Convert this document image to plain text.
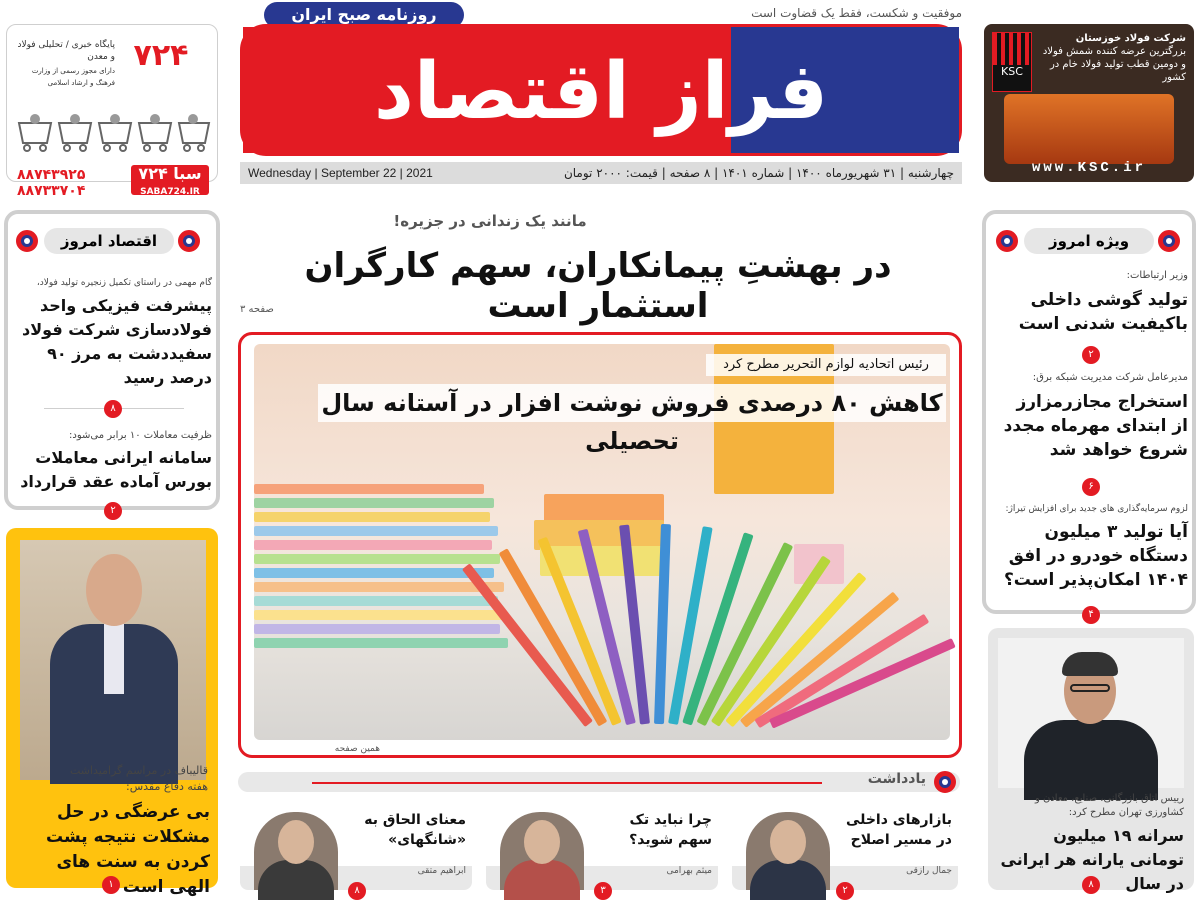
۷۲۴
پایگاه خبری / تحلیلی فولاد و معدن
دارای مجوز رسمی از وزارت فرهنگ و ارشاد اسلامی
۸۸۷۴۳۹۲۵
۸۸۷۳۳۷۰۴
سبا ۷۲۴
SABA724.IR
روزنامه صبح ایران	موفقیت و شکست، فقط یک قضاوت است
فراز اقتصاد
Wednesday | September 22 | 2021	چهارشنبه | ۳۱ شهریورماه ۱۴۰۰ | شماره ۱۴۰۱ | ۸ صفحه | قیمت: ۲۰۰۰ تومان
KSC
شرکت فولاد خوزستان
بزرگترین عرضه کننده شمش فولاد و دومین قطب تولید فولاد خام در کشور
www.KSC.ir
اقتصاد امروز
گام مهمی در راستای تکمیل زنجیره تولید فولاد،
پیشرفت فیزیکی واحد فولادسازی شرکت فولاد سفیددشت به مرز ۹۰ درصد رسید
۸
ظرفیت معاملات ۱۰ برابر می‌شود:
سامانه ایرانی معاملات بورس آماده عقد قرارداد
۲
قالیباف در مراسم گرامیداشت
هفته دفاع مقدس:
بی عرضگی در حل مشکلات نتیجه پشت کردن به سنت های الهی است
۱
مانند یک زندانی در جزیره!
در بهشتِ پیمانکاران، سهم کارگران استثمار است
صفحه ۳
رئیس اتحادیه لوازم التحریر مطرح کرد
کاهش ۸۰ درصدی فروش نوشت افزار در آستانه سال تحصیلی
همین صفحه
یادداشت
بازارهای داخلی در مسیر اصلاح
جمال رازقی
۲
چرا نباید تک سهم شوید؟
میثم بهرامی
۳
معنای الحاق به «شانگهای»
ابراهیم متقی
۸
ویژه امروز
وزیر ارتباطات:
تولید گوشی داخلی باکیفیت شدنی است
۲
مدیرعامل شرکت مدیریت شبکه برق:
استخراج مجازرمزارز از ابتدای مهرماه مجدد شروع خواهد شد
۶
لزوم سرمایه‌گذاری های جدید برای افزایش تیراژ:
آیا تولید ۳ میلیون دستگاه خودرو در افق ۱۴۰۴ امکان‌پذیر است؟
۴
رییس اتاق بازرگانی، صنایع، معادن و کشاورزی تهران مطرح کرد:
سرانه ۱۹ میلیون تومانی یارانه هر ایرانی در سال
۸
